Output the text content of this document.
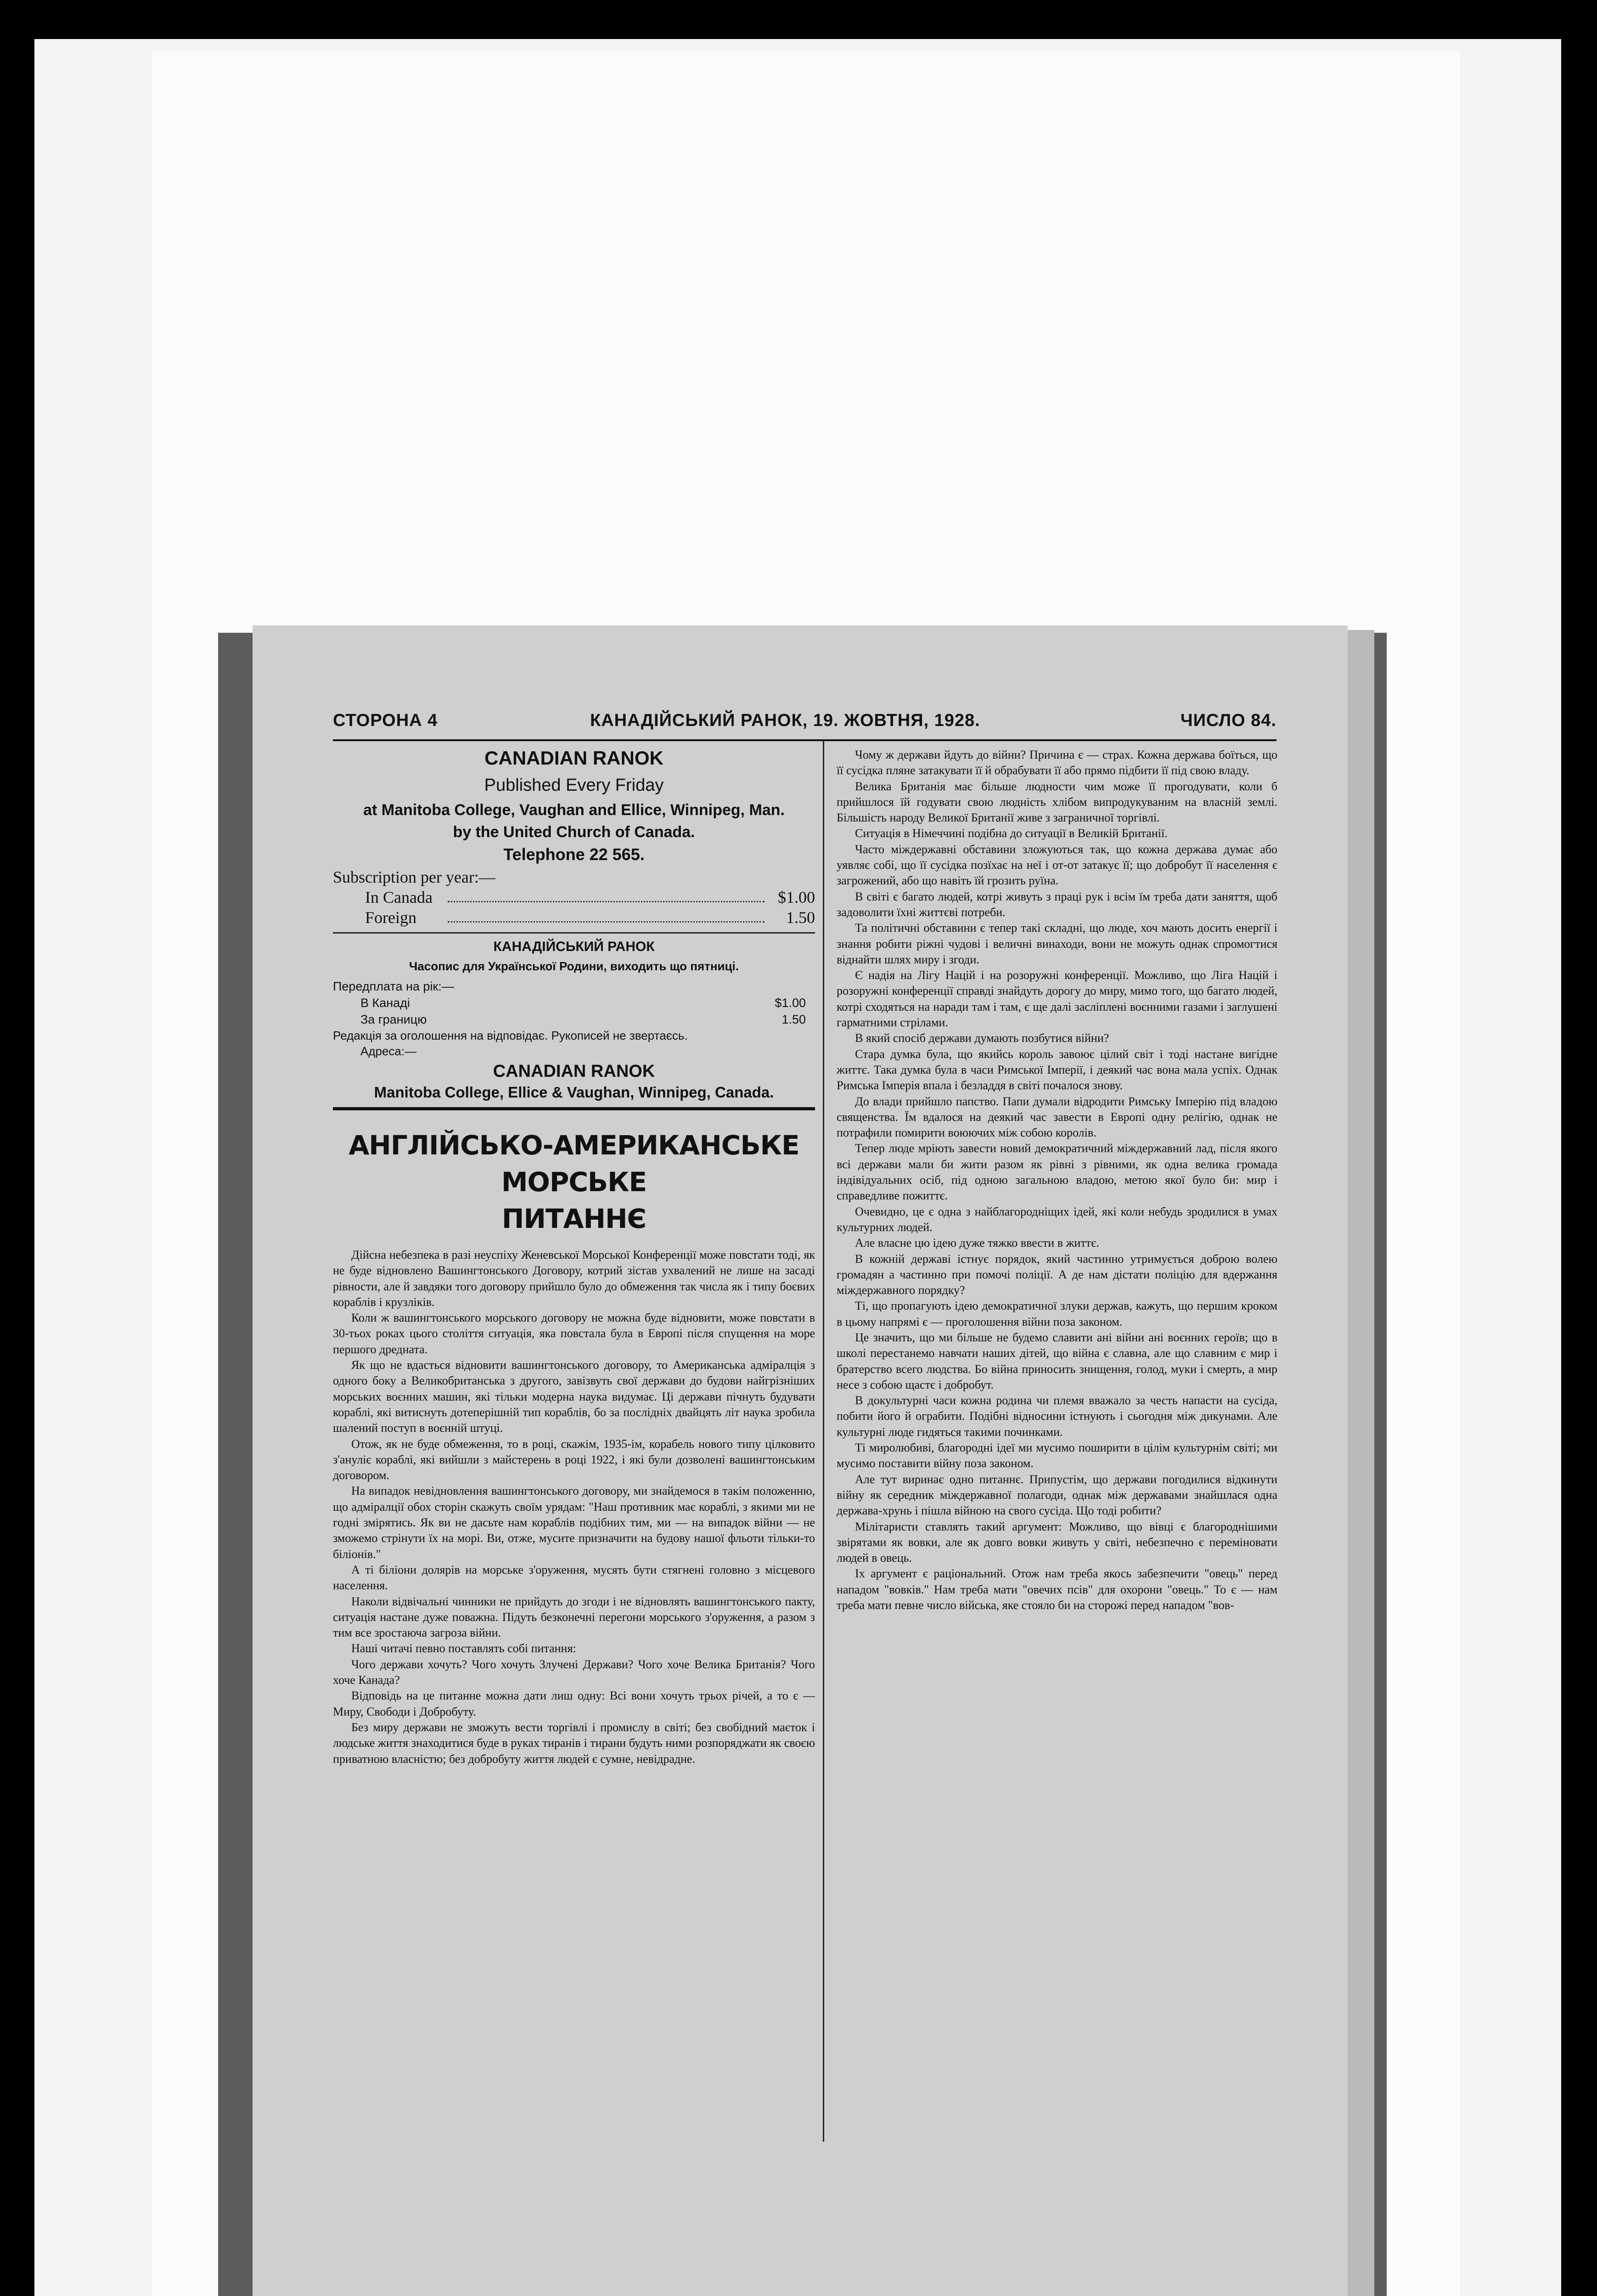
СТОРОНА 4	КАНАДІЙСЬКИЙ РАНОК, 19. ЖОВТНЯ, 1928.	ЧИСЛО 84.
CANADIAN RANOK
Published Every Friday
at Manitoba College, Vaughan and Ellice, Winnipeg, Man.
by the United Church of Canada.
Telephone 22 565.
Subscription per year:—
In Canada	$1.00
Foreign	1.50
КАНАДІЙСЬКИЙ РАНОК
Часопис для Української Родини, виходить що пятниці.
Передплата на рік:—
В Канаді	$1.00
За границю	1.50
Редакція за оголошення на відповідає. Рукописей не звертаєсь.
Адреса:—
CANADIAN RANOK
Manitoba College, Ellice & Vaughan, Winnipeg, Canada.
АНГЛІЙСЬКО-АМЕРИКАНСЬКЕ МОРСЬКЕ
ПИТАННЄ

Дійсна небезпека в разі неуспіху Женевської Морської Конференції може повстати тоді, як не буде відновлено Вашингтонського Договору, котрий зістав ухвалений не лише на засаді рівности, але й завдяки того договору прийшло було до обмеження так числа як і типу боєвих кораблів і крузліків.

Коли ж вашингтонського морського договору не можна буде відновити, може повстати в 30-тьох роках цього століття ситуація, яка повстала була в Европі після спущення на море першого дредната.

Як що не вдасться відновити вашингтонського договору, то Американська адміралція з одного боку а Великобританська з другого, завізвуть свої держави до будови найгрізніших морських воєнних машин, які тільки модерна наука видумає. Ці держави пічнуть будувати кораблі, які витиснуть дотеперішній тип кораблів, бо за послідніх двайцять літ наука зробила шалений поступ в воєнній штуці.

Отож, як не буде обмеження, то в році, скажім, 1935-ім, корабель нового типу цілковито з'ануліє кораблі, які вийшли з майстерень в році 1922, і які були дозволені вашингтонським договором.

На випадок невідновлення вашингтонського договору, ми знайдемося в такім положенню, що адміралції обох сторін скажуть своїм урядам: "Наш противник має кораблі, з якими ми не годні змірятись. Як ви не дасьте нам кораблів подібних тим, ми — на випадок війни — не зможемо стрінути їх на морі. Ви, отже, мусите призначити на будову нашої фльоти тільки-то біліонів."

А ті біліони долярів на морське з'оруження, мусять бути стягнені головно з місцевого населення.

Наколи відвічальні чинники не прийдуть до згоди і не відновлять вашингтонського пакту, ситуація настане дуже поважна. Підуть безконечні перегони морського з'оруження, а разом з тим все зростаюча загроза війни.

Наші читачі певно поставлять собі питання:

Чого держави хочуть? Чого хочуть Злучені Держави? Чого хоче Велика Британія? Чого хоче Канада?

Відповідь на це питанне можна дати лиш одну: Всі вони хочуть трьох річей, а то є — Миру, Свободи і Добробуту.

Без миру держави не зможуть вести торгівлі і промислу в світі; без свобідний маєток і людське життя знаходитися буде в руках тиранів і тирани будуть ними розпоряджати як своєю приватною власністю; без добробуту життя людей є сумне, невідрадне.

Чому ж держави йдуть до війни? Причина є — страх. Кожна держава боїться, що її сусідка пляне затакувати її й обрабувати її або прямо підбити її під свою владу.

Велика Британія має більше людности чим може її прогодувати, коли б прийшлося їй годувати свою людність хлібом випродукуваним на власній землі. Більшість народу Великої Британії живе з заграничної торгівлі.

Ситуація в Німеччині подібна до ситуації в Великій Британії.

Часто міждержавні обставини зложуються так, що кожна держава думає або уявляє собі, що її сусідка позїхає на неї і от-от затакує її; що добробут її населення є загрожений, або що навіть їй грозить руїна.

В світі є багато людей, котрі живуть з праці рук і всім їм треба дати заняття, щоб задоволити їхні життєві потреби.

Та політичні обставини є тепер такі складні, що люде, хоч мають досить енергії і знання робити ріжні чудові і величні винаходи, вони не можуть однак спромогтися віднайти шлях миру і згоди.

Є надія на Лігу Націй і на розоружні конференції. Можливо, що Ліга Націй і розоружні конференції справді знайдуть дорогу до миру, мимо того, що багато людей, котрі сходяться на наради там і там, є ще далі засліплені воєнними газами і заглушені гарматними стрілами.

В який спосіб держави думають позбутися війни?

Стара думка була, що якийсь король завоює цілий світ і тоді настане вигідне життє. Така думка була в часи Римської Імперії, і деякий час вона мала успіх. Однак Римська Імперія впала і безладдя в світі почалося знову.

До влади прийшло папство. Папи думали відродити Римську Імперію під владою священства. Їм вдалося на деякий час завести в Европі одну релігію, однак не потрафили помирити воюючих між собою королів.

Тепер люде мріють завести новий демократичний міждержавний лад, після якого всі держави мали би жити разом як рівні з рівними, як одна велика громада індівідуальних осіб, під одною загальною владою, метою якої було би: мир і справедливе пожиттє.

Очевидно, це є одна з найблагородніщих ідей, які коли небудь зродилися в умах культурних людей.

Але власне цю ідею дуже тяжко ввести в життє.

В кожній державі істнує порядок, який частинно утримується доброю волею громадян а частинно при помочі поліції. А де нам дістати поліцію для вдержання міждержавного порядку?

Ті, що пропагують ідею демократичної злуки держав, кажуть, що першим кроком в цьому напрямі є — проголошення війни поза законом.

Це значить, що ми більше не будемо славити ані війни ані воєнних героїв; що в школі перестанемо навчати наших дітей, що війна є славна, але що славним є мир і братерство всего людства. Бо війна приносить знищення, голод, муки і смерть, а мир несе з собою щастє і добробут.

В докультурні часи кожна родина чи племя вважало за честь напасти на сусіда, побити його й ограбити. Подібні відносини істнують і сьогодня між дикунами. Але культурні люде гидяться такими починками.

Ті миролюбиві, благородні ідеї ми мусимо поширити в цілім культурнім світі; ми мусимо поставити війну поза законом.

Але тут виринає одно питаннє. Припустім, що держави погодилися відкинути війну як середник міждержавної полагоди, однак між державами знайшлася одна держава-хрунь і пішла війною на свого сусіда. Що тоді робити?

Мілітаристи ставлять такий аргумент: Можливо, що вівці є благороднішими звірятами як вовки, але як довго вовки живуть у світі, небезпечно є переміновати людей в овець.

Іх аргумент є раціональний. Отож нам треба якось забезпечити "овець" перед нападом "вовків." Нам треба мати "овечих псів" для охорони "овець." То є — нам треба мати певне число війська, яке стояло би на сторожі перед нападом "вов-
